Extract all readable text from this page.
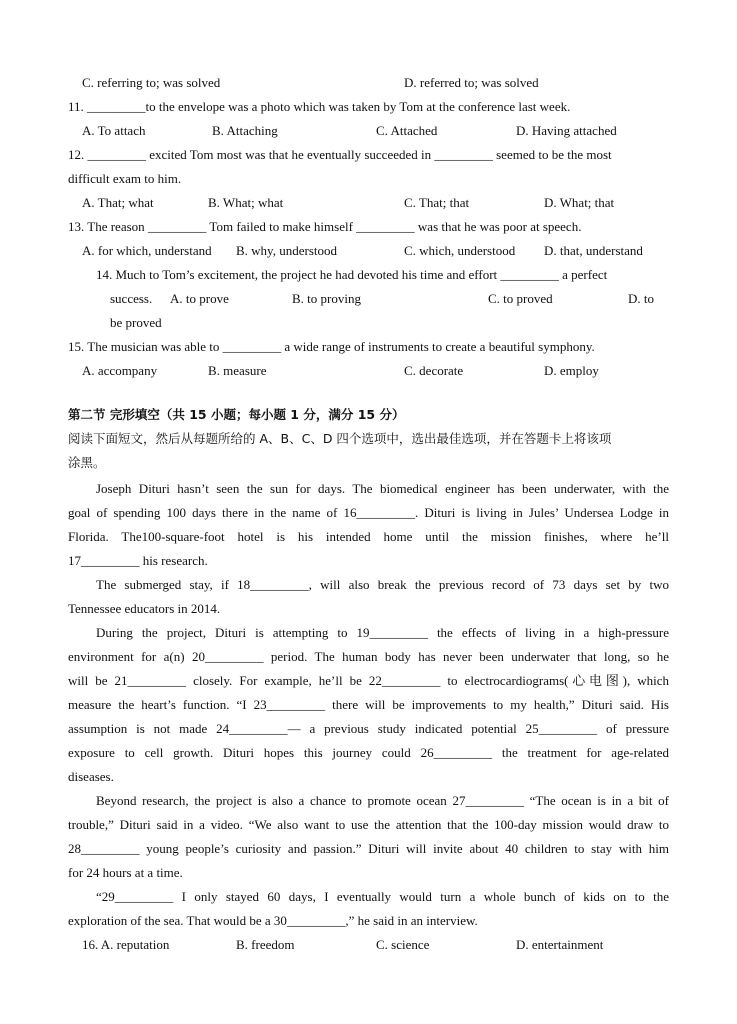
C. referring to; was solved	D. referred to; was solved
11. _________to the envelope was a photo which was taken by Tom at the conference last week.
A. To attach	B. Attaching	C. Attached	D. Having attached
12. _________ excited Tom most was that he eventually succeeded in _________ seemed to be the most
difficult exam to him.
A. That; what	B. What; what	C. That; that	D. What; that
13. The reason _________ Tom failed to make himself _________ was that he was poor at speech.
A. for which, understand B. why, understood	C. which, understood D. that, understand
14. Much to Tom’s excitement, the project he had devoted his time and effort _________ a perfect
success. A. to prove	B. to proving	C. to proved	D. to
be proved
15. The musician was able to _________ a wide range of instruments to create a beautiful symphony.
A. accompany	B. measure	C. decorate	D. employ
第二节 完形填空（共 15 小题；每小题 1 分，满分 15 分）
阅读下面短文，然后从每题所给的 A、B、C、D 四个选项中，选出最佳选项，并在答题卡上将该项
涂黑。
Joseph Dituri hasn’t seen the sun for days. The biomedical engineer has been underwater, with the
goal of spending 100 days there in the name of 16_________. Dituri is living in Jules’ Undersea Lodge in
Florida. The100-square-foot hotel is his intended home until the mission finishes, where he’ll
17_________ his research.
The submerged stay, if 18_________, will also break the previous record of 73 days set by two
Tennessee educators in 2014.
During the project, Dituri is attempting to 19_________ the effects of living in a high-pressure
environment for a(n) 20_________ period. The human body has never been underwater that long, so he
will be 21_________ closely. For example, he’ll be 22_________ to electrocardiograms(心电图), which
measure the heart’s function. “I 23_________ there will be improvements to my health,” Dituri said. His
assumption is not made 24_________— a previous study indicated potential 25_________ of pressure
exposure to cell growth. Dituri hopes this journey could 26_________ the treatment for age-related
diseases.
Beyond research, the project is also a chance to promote ocean 27_________ “The ocean is in a bit of
trouble,” Dituri said in a video. “We also want to use the attention that the 100-day mission would draw to
28_________ young people’s curiosity and passion.” Dituri will invite about 40 children to stay with him
for 24 hours at a time.
“29_________ I only stayed 60 days, I eventually would turn a whole bunch of kids on to the
exploration of the sea. That would be a 30_________,” he said in an interview.
16. A. reputation	B. freedom	C. science	D. entertainment
